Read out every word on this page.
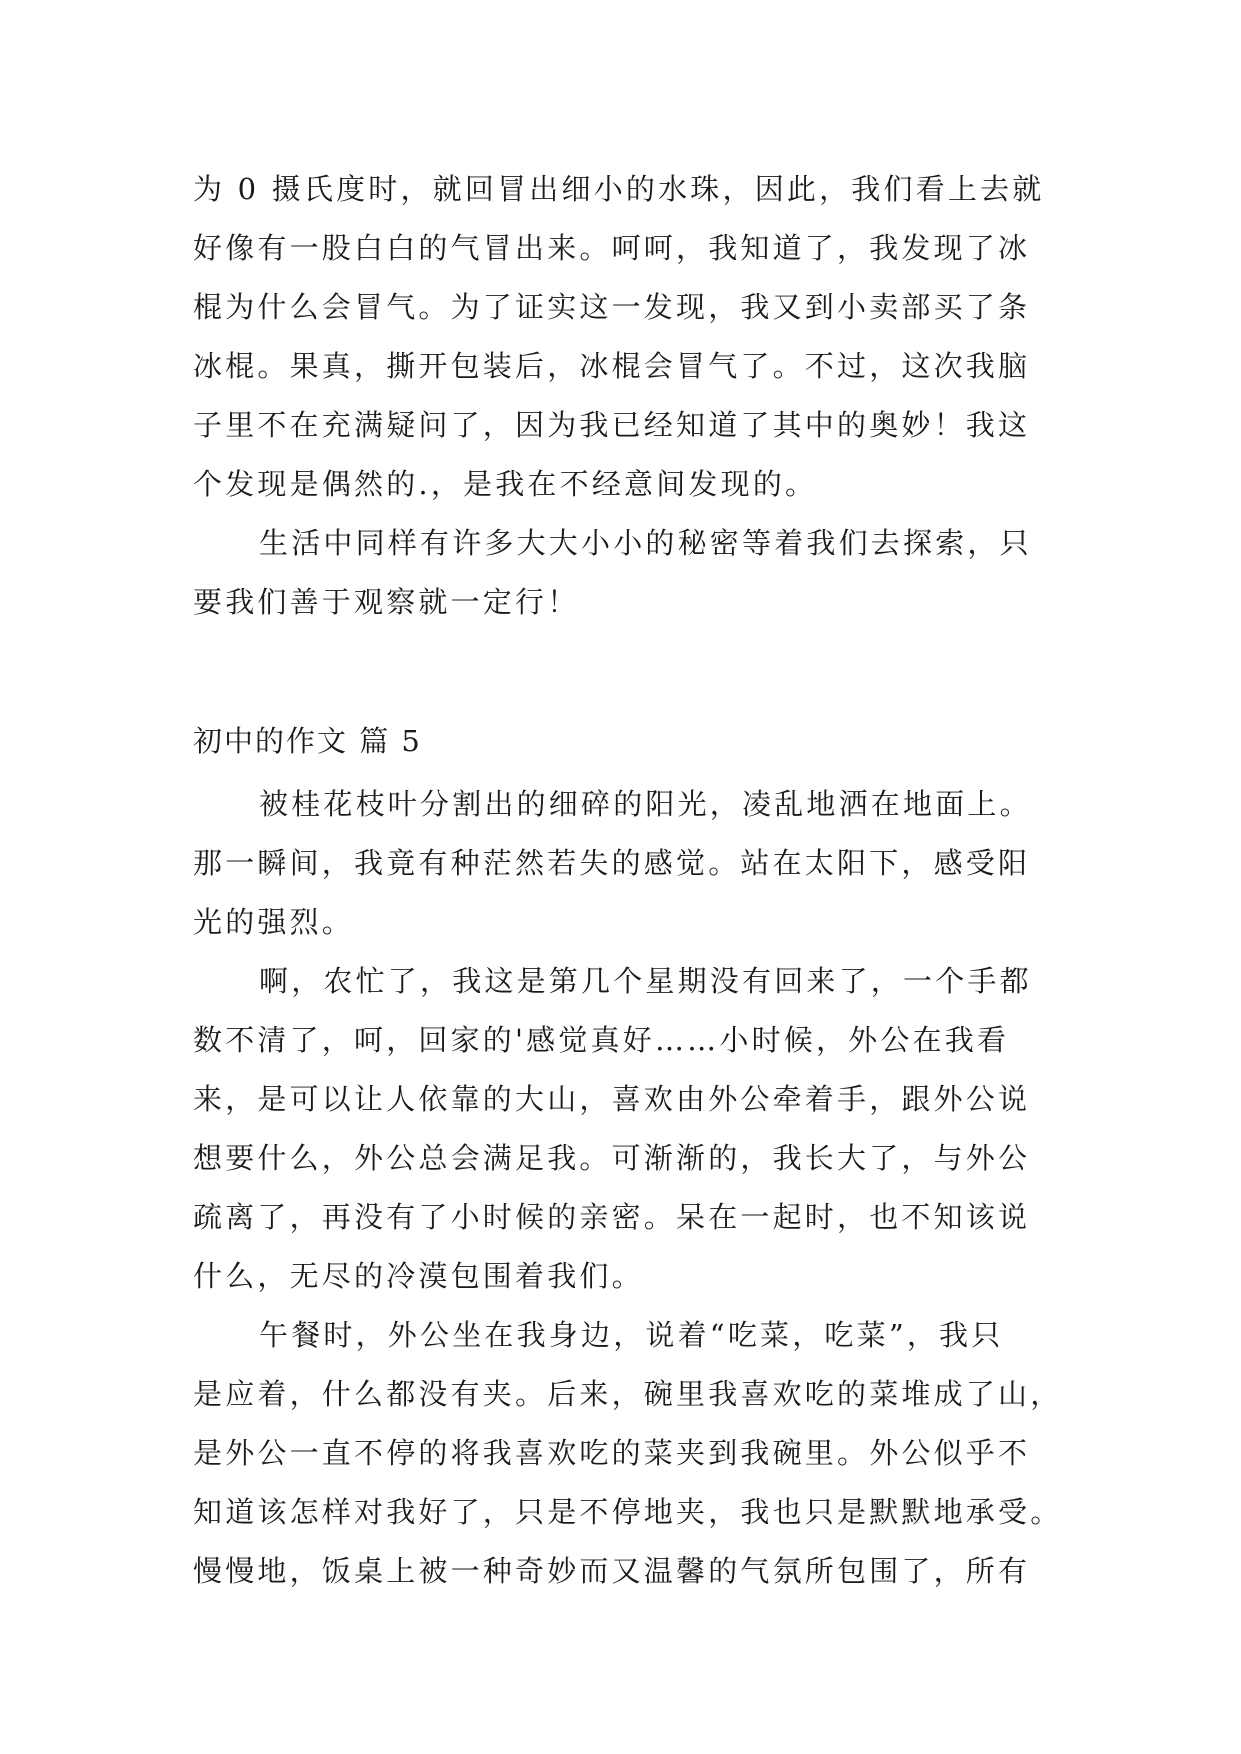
为 0 摄氏度时，就回冒出细小的水珠，因此，我们看上去就
好像有一股白白的气冒出来。呵呵，我知道了，我发现了冰
棍为什么会冒气。为了证实这一发现，我又到小卖部买了条
冰棍。果真，撕开包装后，冰棍会冒气了。不过，这次我脑
子里不在充满疑问了，因为我已经知道了其中的奥妙！我这
个发现是偶然的.，是我在不经意间发现的。
生活中同样有许多大大小小的秘密等着我们去探索，只
要我们善于观察就一定行！
初中的作文 篇 5
被桂花枝叶分割出的细碎的阳光，凌乱地洒在地面上。
那一瞬间，我竟有种茫然若失的感觉。站在太阳下，感受阳
光的强烈。
啊，农忙了，我这是第几个星期没有回来了，一个手都
数不清了，呵，回家的'感觉真好……小时候，外公在我看
来，是可以让人依靠的大山，喜欢由外公牵着手，跟外公说
想要什么，外公总会满足我。可渐渐的，我长大了，与外公
疏离了，再没有了小时候的亲密。呆在一起时，也不知该说
什么，无尽的冷漠包围着我们。
午餐时，外公坐在我身边，说着“吃菜，吃菜”，我只
是应着，什么都没有夹。后来，碗里我喜欢吃的菜堆成了山，
是外公一直不停的将我喜欢吃的菜夹到我碗里。外公似乎不
知道该怎样对我好了，只是不停地夹，我也只是默默地承受。
慢慢地，饭桌上被一种奇妙而又温馨的气氛所包围了，所有
